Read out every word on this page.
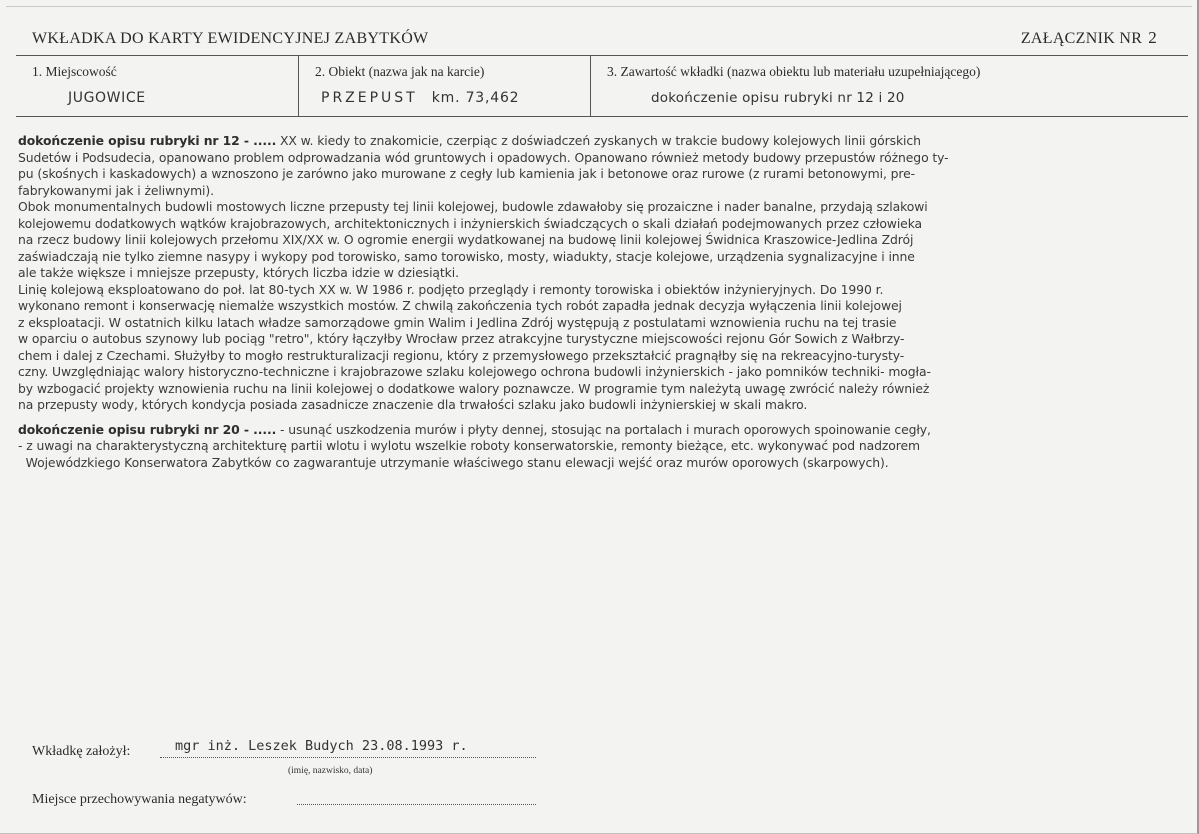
WKŁADKA DO KARTY EWIDENCYJNEJ ZABYTKÓW	ZAŁĄCZNIK NR 2
1. Miejscowość
JUGOWICE
2. Obiekt (nazwa jak na karcie)
PRZEPUST km. 73,462
3. Zawartość wkładki (nazwa obiektu lub materiału uzupełniającego)
dokończenie opisu rubryki nr 12 i 20
dokończenie opisu rubryki nr 12 - ..... XX w. kiedy to znakomicie, czerpiąc z doświadczeń zyskanych w trakcie budowy kolejowych linii górskich
Sudetów i Podsudecia, opanowano problem odprowadzania wód gruntowych i opadowych. Opanowano również metody budowy przepustów różnego ty-
pu (skośnych i kaskadowych) a wznoszono je zarówno jako murowane z cegły lub kamienia jak i betonowe oraz rurowe (z rurami betonowymi, pre-
fabrykowanymi jak i żeliwnymi).
Obok monumentalnych budowli mostowych liczne przepusty tej linii kolejowej, budowle zdawałoby się prozaiczne i nader banalne, przydają szlakowi
kolejowemu dodatkowych wątków krajobrazowych, architektonicznych i inżynierskich świadczących o skali działań podejmowanych przez człowieka
na rzecz budowy linii kolejowych przełomu XIX/XX w. O ogromie energii wydatkowanej na budowę linii kolejowej Świdnica Kraszowice-Jedlina Zdrój
zaświadczają nie tylko ziemne nasypy i wykopy pod torowisko, samo torowisko, mosty, wiadukty, stacje kolejowe, urządzenia sygnalizacyjne i inne
ale także większe i mniejsze przepusty, których liczba idzie w dziesiątki.
Linię kolejową eksploatowano do poł. lat 80-tych XX w. W 1986 r. podjęto przeglądy i remonty torowiska i obiektów inżynieryjnych. Do 1990 r.
wykonano remont i konserwację niemalże wszystkich mostów. Z chwilą zakończenia tych robót zapadła jednak decyzja wyłączenia linii kolejowej
z eksploatacji. W ostatnich kilku latach władze samorządowe gmin Walim i Jedlina Zdrój występują z postulatami wznowienia ruchu na tej trasie
w oparciu o autobus szynowy lub pociąg "retro", który łączyłby Wrocław przez atrakcyjne turystyczne miejscowości rejonu Gór Sowich z Wałbrzy-
chem i dalej z Czechami. Służyłby to mogło restrukturalizacji regionu, który z przemysłowego przekształcić pragnąłby się na rekreacyjno-turysty-
czny. Uwzględniając walory historyczno-techniczne i krajobrazowe szlaku kolejowego ochrona budowli inżynierskich - jako pomników techniki- mogła-
by wzbogacić projekty wznowienia ruchu na linii kolejowej o dodatkowe walory poznawcze. W programie tym należytą uwagę zwrócić należy również
na przepusty wody, których kondycja posiada zasadnicze znaczenie dla trwałości szlaku jako budowli inżynierskiej w skali makro.
dokończenie opisu rubryki nr 20 - ..... - usunąć uszkodzenia murów i płyty dennej, stosując na portalach i murach oporowych spoinowanie cegły,
- z uwagi na charakterystyczną architekturę partii wlotu i wylotu wszelkie roboty konserwatorskie, remonty bieżące, etc. wykonywać pod nadzorem
Wojewódzkiego Konserwatora Zabytków co zagwarantuje utrzymanie właściwego stanu elewacji wejść oraz murów oporowych (skarpowych).
Wkładkę założył:	mgr inż. Leszek Budych 23.08.1993 r.
(imię, nazwisko, data)
Miejsce przechowywania negatywów:
